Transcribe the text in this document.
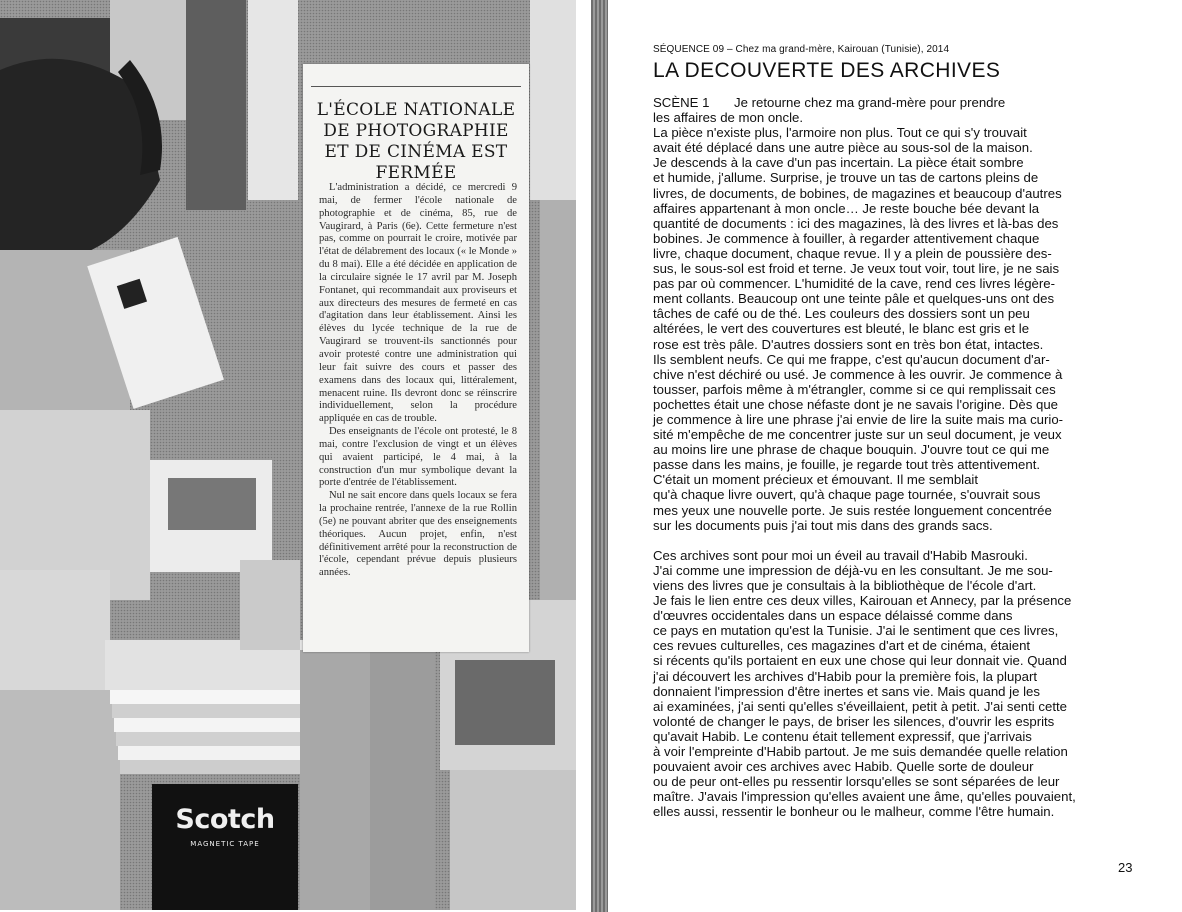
L'ÉCOLE NATIONALE
DE PHOTOGRAPHIE
ET DE CINÉMA EST FERMÉE

L'administration a décidé, ce mercredi 9 mai, de fermer l'école nationale de photographie et de cinéma, 85, rue de Vaugirard, à Paris (6e). Cette fermeture n'est pas, comme on pourrait le croire, motivée par l'état de délabrement des locaux (« le Monde » du 8 mai). Elle a été décidée en application de la circulaire signée le 17 avril par M. Joseph Fontanet, qui recommandait aux proviseurs et aux directeurs des mesures de fermeté en cas d'agitation dans leur établissement. Ainsi les élèves du lycée technique de la rue de Vaugirard se trouvent-ils sanctionnés pour avoir protesté contre une administration qui leur fait suivre des cours et passer des examens dans des locaux qui, littéralement, menacent ruine. Ils devront donc se réinscrire individuellement, selon la procédure appliquée en cas de trouble.

Des enseignants de l'école ont protesté, le 8 mai, contre l'exclusion de vingt et un élèves qui avaient participé, le 4 mai, à la construction d'un mur symbolique devant la porte d'entrée de l'établissement.

Nul ne sait encore dans quels locaux se fera la prochaine rentrée, l'annexe de la rue Rollin (5e) ne pouvant abriter que des enseignements théoriques. Aucun projet, enfin, n'est définitivement arrêté pour la reconstruction de l'école, cependant prévue depuis plusieurs années.

Scotch
MAGNETIC TAPE
SÉQUENCE 09 – Chez ma grand-mère, Kairouan (Tunisie), 2014
LA DECOUVERTE DES ARCHIVES
SCÈNE 1 Je retourne chez ma grand-mère pour prendre
les affaires de mon oncle.
La pièce n'existe plus, l'armoire non plus. Tout ce qui s'y trouvait
avait été déplacé dans une autre pièce au sous-sol de la maison.
Je descends à la cave d'un pas incertain. La pièce était sombre
et humide, j'allume. Surprise, je trouve un tas de cartons pleins de
livres, de documents, de bobines, de magazines et beaucoup d'autres
affaires appartenant à mon oncle… Je reste bouche bée devant la
quantité de documents : ici des magazines, là des livres et là-bas des
bobines. Je commence à fouiller, à regarder attentivement chaque
livre, chaque document, chaque revue. Il y a plein de poussière des-
sus, le sous-sol est froid et terne. Je veux tout voir, tout lire, je ne sais
pas par où commencer. L'humidité de la cave, rend ces livres légère-
ment collants. Beaucoup ont une teinte pâle et quelques-uns ont des
tâches de café ou de thé. Les couleurs des dossiers sont un peu
altérées, le vert des couvertures est bleuté, le blanc est gris et le
rose est très pâle. D'autres dossiers sont en très bon état, intactes.
Ils semblent neufs. Ce qui me frappe, c'est qu'aucun document d'ar-
chive n'est déchiré ou usé. Je commence à les ouvrir. Je commence à
tousser, parfois même à m'étrangler, comme si ce qui remplissait ces
pochettes était une chose néfaste dont je ne savais l'origine. Dès que
je commence à lire une phrase j'ai envie de lire la suite mais ma curio-
sité m'empêche de me concentrer juste sur un seul document, je veux
au moins lire une phrase de chaque bouquin. J'ouvre tout ce qui me
passe dans les mains, je fouille, je regarde tout très attentivement.
C'était un moment précieux et émouvant. Il me semblait
qu'à chaque livre ouvert, qu'à chaque page tournée, s'ouvrait sous
mes yeux une nouvelle porte. Je suis restée longuement concentrée
sur les documents puis j'ai tout mis dans des grands sacs.
Ces archives sont pour moi un éveil au travail d'Habib Masrouki.
J'ai comme une impression de déjà-vu en les consultant. Je me sou-
viens des livres que je consultais à la bibliothèque de l'école d'art.
Je fais le lien entre ces deux villes, Kairouan et Annecy, par la présence
d'œuvres occidentales dans un espace délaissé comme dans
ce pays en mutation qu'est la Tunisie. J'ai le sentiment que ces livres,
ces revues culturelles, ces magazines d'art et de cinéma, étaient
si récents qu'ils portaient en eux une chose qui leur donnait vie. Quand
j'ai découvert les archives d'Habib pour la première fois, la plupart
donnaient l'impression d'être inertes et sans vie. Mais quand je les
ai examinées, j'ai senti qu'elles s'éveillaient, petit à petit. J'ai senti cette
volonté de changer le pays, de briser les silences, d'ouvrir les esprits
qu'avait Habib. Le contenu était tellement expressif, que j'arrivais
à voir l'empreinte d'Habib partout. Je me suis demandée quelle relation
pouvaient avoir ces archives avec Habib. Quelle sorte de douleur
ou de peur ont-elles pu ressentir lorsqu'elles se sont séparées de leur
maître. J'avais l'impression qu'elles avaient une âme, qu'elles pouvaient,
elles aussi, ressentir le bonheur ou le malheur, comme l'être humain.
23
